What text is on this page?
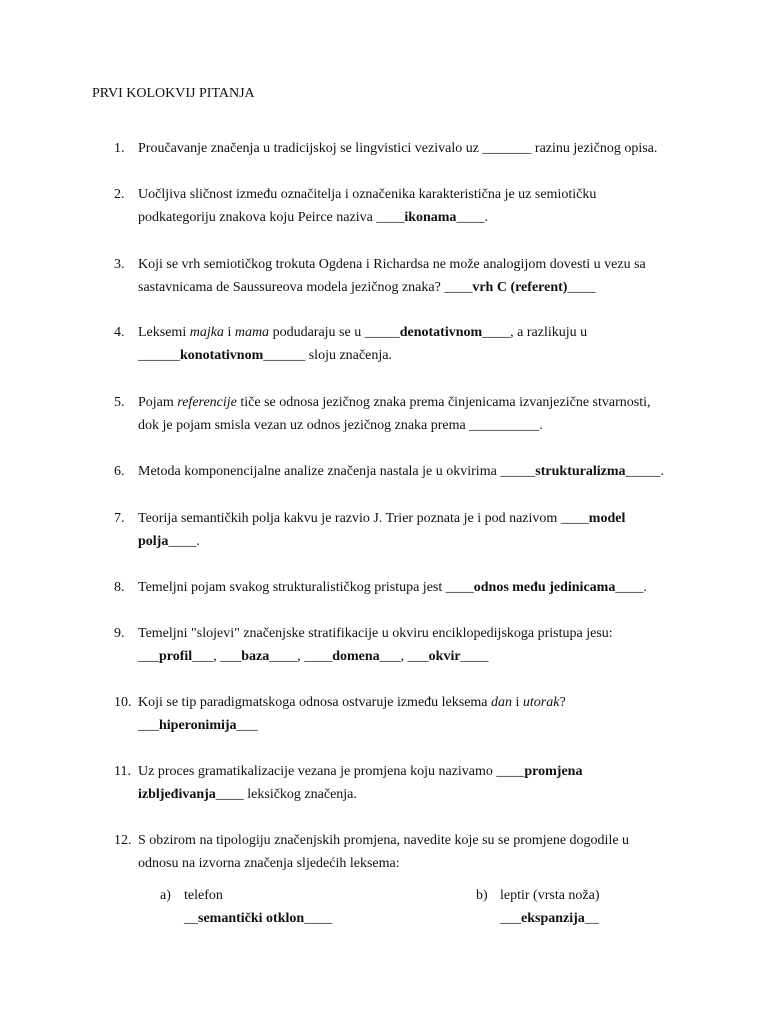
PRVI KOLOKVIJ PITANJA
1. Proučavanje značenja u tradicijskoj se lingvistici vezivalo uz _______ razinu jezičnog opisa.
2. Uočljiva sličnost između označitelja i označenika karakteristična je uz semiotičku
podkategoriju znakova koju Peirce naziva ____ikonama____.
3. Koji se vrh semiotičkog trokuta Ogdena i Richardsa ne može analogijom dovesti u vezu sa
sastavnicama de Saussureova modela jezičnog znaka? ____vrh C (referent)____
4. Leksemi majka i mama podudaraju se u _____denotativnom____, a razlikuju u
______konotativnom______ sloju značenja.
5. Pojam referencije tiče se odnosa jezičnog znaka prema činjenicama izvanjezične stvarnosti,
dok je pojam smisla vezan uz odnos jezičnog znaka prema __________.
6. Metoda komponencijalne analize značenja nastala je u okvirima _____strukturalizma_____.
7. Teorija semantičkih polja kakvu je razvio J. Trier poznata je i pod nazivom ____model
polja____.
8. Temeljni pojam svakog strukturalističkog pristupa jest ____odnos među jedinicama____.
9. Temeljni "slojevi" značenjske stratifikacije u okviru enciklopedijskoga pristupa jesu:
___profil___, ___baza____, ____domena___, ___okvir____
10. Koji se tip paradigmatskoga odnosa ostvaruje između leksema dan i utorak?
___hiperonimija___
11. Uz proces gramatikalizacije vezana je promjena koju nazivamo ____promjena
izbljeđivanja____ leksičkog značenja.
12. S obzirom na tipologiju značenjskih promjena, navedite koje su se promjene dogodile u
odnosu na izvorna značenja sljedećih leksema:
a) telefon
__semantički otklon____
b) leptir (vrsta noža)
___ekspanzija__
